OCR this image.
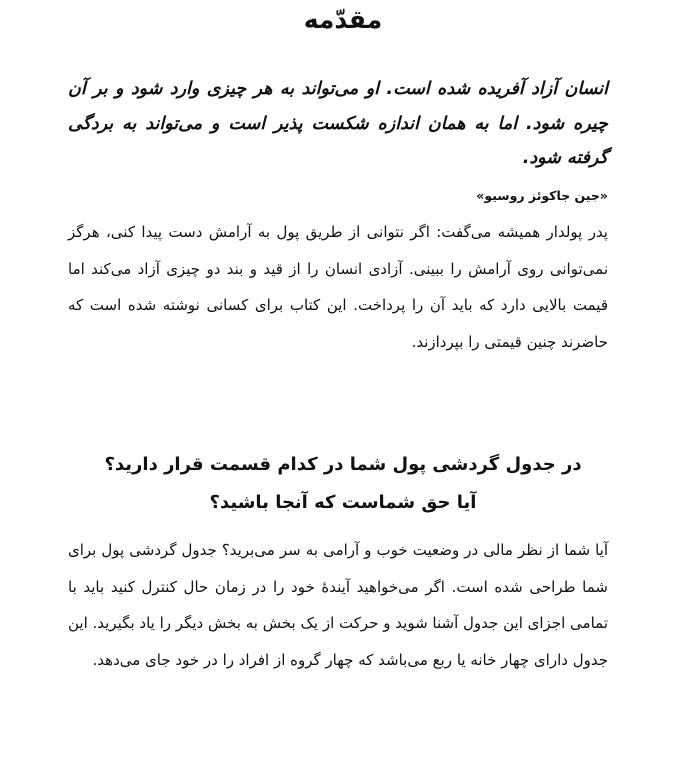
مقدّمه
انسان آزاد آفریده شده است. او می‌تواند به هر چیزی وارد شود و بر آن چیره شود. اما به همان اندازه شکست پذیر است و می‌تواند به بردگی گرفته شود.
«جین جاکوئز روسیو»
پدر پولدار همیشه می‌گفت: اگر نتوانی از طریق پول به آرامش دست پیدا کنی، هرگز نمی‌توانی روی آرامش را ببینی. آزادی انسان را از قید و بند دو چیزی آزاد می‌کند اما قیمت بالایی دارد که باید آن را پرداخت. این کتاب برای کسانی نوشته شده است که حاضرند چنین قیمتی را بپردازند.
در جدول گردشی پول شما در کدام قسمت قرار دارید؟
آیا حق شماست که آنجا باشید؟
آیا شما از نظر مالی در وضعیت خوب و آرامی به سر می‌برید؟ جدول گردشی پول برای شما طراحی شده است. اگر می‌خواهید آیندهٔ خود را در زمان حال کنترل کنید باید با تمامی اجزای این جدول آشنا شوید و حرکت از یک بخش به بخش دیگر را یاد بگیرید. این جدول دارای چهار خانه یا ربع می‌باشد که چهار گروه از افراد را در خود جای می‌دهد.
